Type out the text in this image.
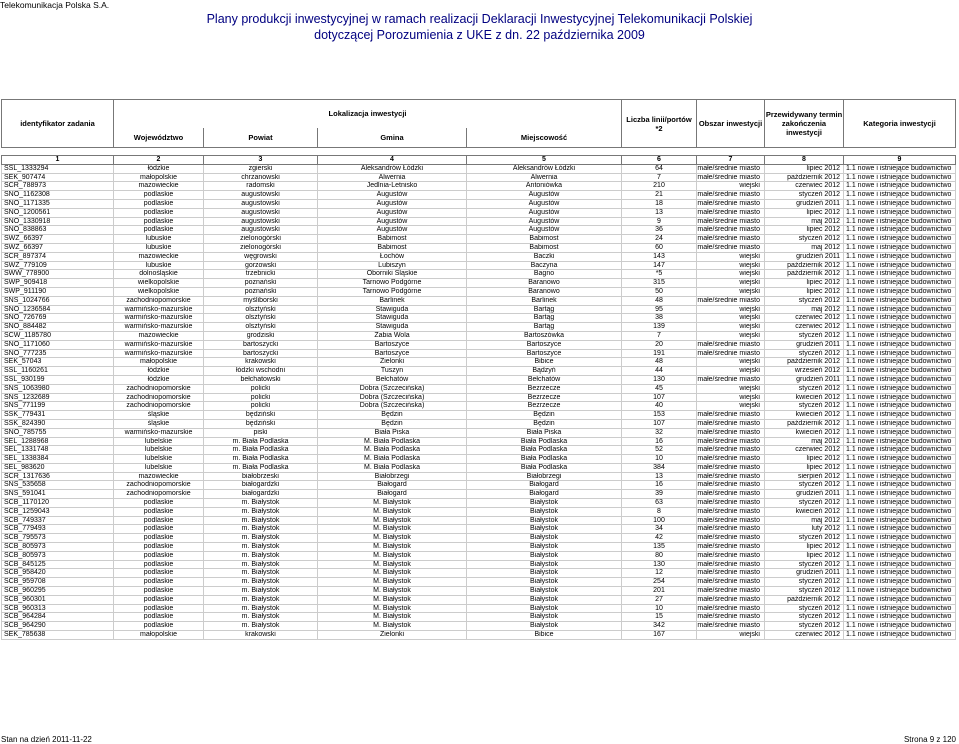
Telekomunikacja Polska S.A.
Plany produkcji inwestycyjnej w ramach realizacji Deklaracji Inwestycyjnej Telekomunikacji Polskiej
dotyczącej Porozumienia z UKE z dn. 22 października 2009
identyfikator zadania	Lokalizacja inwestycji				Liczba linii/portów *2	Obszar inwestycji	Przewidywany termin zakończenia inwestycji	Kategoria inwestycji
	Województwo	Powiat	Gmina	Miejscowość				
1	2	3	4	5	6	7	8	9
SSL_1333294	łódzkie	zgierski	Aleksandrów Łódzki	Aleksandrów Łódzki	64	małe/średnie miasto	lipiec 2012	1.1 nowe i istniejące budownictwo
SEK_907474	małopolskie	chrzanowski	Alwernia	Alwernia	7	małe/średnie miasto	październik 2012	1.1 nowe i istniejące budownictwo
SCR_788973	mazowieckie	radomski	Jedlnia-Letnisko	Antoniówka	210	wiejski	czerwiec 2012	1.1 nowe i istniejące budownictwo
SNO_1162308	podlaskie	augustowski	Augustów	Augustów	21	małe/średnie miasto	styczeń 2012	1.1 nowe i istniejące budownictwo
SNO_1171335	podlaskie	augustowski	Augustów	Augustów	18	małe/średnie miasto	grudzień 2011	1.1 nowe i istniejące budownictwo
SNO_1200561	podlaskie	augustowski	Augustów	Augustów	13	małe/średnie miasto	lipiec 2012	1.1 nowe i istniejące budownictwo
SNO_1330918	podlaskie	augustowski	Augustów	Augustów	9	małe/średnie miasto	maj 2012	1.1 nowe i istniejące budownictwo
SNO_838863	podlaskie	augustowski	Augustów	Augustów	36	małe/średnie miasto	lipiec 2012	1.1 nowe i istniejące budownictwo
SWZ_66397	lubuskie	zielonogórski	Babimost	Babimost	24	małe/średnie miasto	styczeń 2012	1.1 nowe i istniejące budownictwo
SWZ_66397	lubuskie	zielonogórski	Babimost	Babimost	60	małe/średnie miasto	maj 2012	1.1 nowe i istniejące budownictwo
SCR_897374	mazowieckie	węgrowski	Łochów	Baczki	143	wiejski	grudzień 2011	1.1 nowe i istniejące budownictwo
SWZ_779109	lubuskie	gorzowski	Lubiszyn	Baczyna	147	wiejski	październik 2012	1.1 nowe i istniejące budownictwo
SWW_778900	dolnośląskie	trzebnicki	Oborniki Śląskie	Bagno	*5	wiejski	październik 2012	1.1 nowe i istniejące budownictwo
SWP_909418	wielkopolskie	poznański	Tarnowo Podgórne	Baranowo	315	wiejski	lipiec 2012	1.1 nowe i istniejące budownictwo
SWP_911190	wielkopolskie	poznański	Tarnowo Podgórne	Baranowo	50	wiejski	lipiec 2012	1.1 nowe i istniejące budownictwo
SNS_1024766	zachodniopomorskie	myśliborski	Barlinek	Barlinek	48	małe/średnie miasto	styczeń 2012	1.1 nowe i istniejące budownictwo
SNO_1236584	warmińsko-mazurskie	olsztyński	Stawiguda	Bartąg	95	wiejski	maj 2012	1.1 nowe i istniejące budownictwo
SNO_726769	warmińsko-mazurskie	olsztyński	Stawiguda	Bartąg	38	wiejski	czerwiec 2012	1.1 nowe i istniejące budownictwo
SNO_884482	warmińsko-mazurskie	olsztyński	Stawiguda	Bartąg	139	wiejski	czerwiec 2012	1.1 nowe i istniejące budownictwo
SCW_1185780	mazowieckie	grodziski	Żabia Wola	Bartoszówka	7	wiejski	styczeń 2012	1.1 nowe i istniejące budownictwo
SNO_1171060	warmińsko-mazurskie	bartoszycki	Bartoszyce	Bartoszyce	20	małe/średnie miasto	grudzień 2011	1.1 nowe i istniejące budownictwo
SNO_777235	warmińsko-mazurskie	bartoszycki	Bartoszyce	Bartoszyce	191	małe/średnie miasto	styczeń 2012	1.1 nowe i istniejące budownictwo
SEK_57043	małopolskie	krakowski	Zielonki	Bibice	48	wiejski	październik 2012	1.1 nowe i istniejące budownictwo
SSL_1160261	łódzkie	łódzki wschodni	Tuszyn	Bądzyń	44	wiejski	wrzesień 2012	1.1 nowe i istniejące budownictwo
SSL_930199	łódzkie	bełchatowski	Bełchatów	Bełchatów	130	małe/średnie miasto	grudzień 2011	1.1 nowe i istniejące budownictwo
SNS_1063980	zachodniopomorskie	policki	Dobra (Szczecińska)	Bezrzecze	45	wiejski	styczeń 2012	1.1 nowe i istniejące budownictwo
SNS_1232689	zachodniopomorskie	policki	Dobra (Szczecińska)	Bezrzecze	107	wiejski	kwiecień 2012	1.1 nowe i istniejące budownictwo
SNS_771199	zachodniopomorskie	policki	Dobra (Szczecińska)	Bezrzecze	40	wiejski	styczeń 2012	1.1 nowe i istniejące budownictwo
SSK_779431	śląskie	będziński	Będzin	Będzin	153	małe/średnie miasto	kwiecień 2012	1.1 nowe i istniejące budownictwo
SSK_824390	śląskie	będziński	Będzin	Będzin	107	małe/średnie miasto	październik 2012	1.1 nowe i istniejące budownictwo
SNO_785755	warmińsko-mazurskie	piski	Biała Piska	Biała Piska	32	małe/średnie miasto	kwiecień 2012	1.1 nowe i istniejące budownictwo
SEL_1288968	lubelskie	m. Biała Podlaska	M. Biała Podlaska	Biała Podlaska	16	małe/średnie miasto	maj 2012	1.1 nowe i istniejące budownictwo
SEL_1331748	lubelskie	m. Biała Podlaska	M. Biała Podlaska	Biała Podlaska	52	małe/średnie miasto	czerwiec 2012	1.1 nowe i istniejące budownictwo
SEL_1338384	lubelskie	m. Biała Podlaska	M. Biała Podlaska	Biała Podlaska	10	małe/średnie miasto	lipiec 2012	1.1 nowe i istniejące budownictwo
SEL_983620	lubelskie	m. Biała Podlaska	M. Biała Podlaska	Biała Podlaska	384	małe/średnie miasto	lipiec 2012	1.1 nowe i istniejące budownictwo
SCR_1317636	mazowieckie	białobrzeski	Białobrzegi	Białobrzegi	13	małe/średnie miasto	sierpień 2012	1.1 nowe i istniejące budownictwo
SNS_535658	zachodniopomorskie	białogardzki	Białogard	Białogard	16	małe/średnie miasto	styczeń 2012	1.1 nowe i istniejące budownictwo
SNS_591041	zachodniopomorskie	białogardzki	Białogard	Białogard	39	małe/średnie miasto	grudzień 2011	1.1 nowe i istniejące budownictwo
SCB_1170120	podlaskie	m. Białystok	M. Białystok	Białystok	63	małe/średnie miasto	styczeń 2012	1.1 nowe i istniejące budownictwo
SCB_1259043	podlaskie	m. Białystok	M. Białystok	Białystok	8	małe/średnie miasto	kwiecień 2012	1.1 nowe i istniejące budownictwo
SCB_749337	podlaskie	m. Białystok	M. Białystok	Białystok	100	małe/średnie miasto	maj 2012	1.1 nowe i istniejące budownictwo
SCB_779493	podlaskie	m. Białystok	M. Białystok	Białystok	34	małe/średnie miasto	luty 2012	1.1 nowe i istniejące budownictwo
SCB_795573	podlaskie	m. Białystok	M. Białystok	Białystok	42	małe/średnie miasto	styczeń 2012	1.1 nowe i istniejące budownictwo
SCB_805973	podlaskie	m. Białystok	M. Białystok	Białystok	135	małe/średnie miasto	lipiec 2012	1.1 nowe i istniejące budownictwo
SCB_805973	podlaskie	m. Białystok	M. Białystok	Białystok	80	małe/średnie miasto	lipiec 2012	1.1 nowe i istniejące budownictwo
SCB_845125	podlaskie	m. Białystok	M. Białystok	Białystok	130	małe/średnie miasto	styczeń 2012	1.1 nowe i istniejące budownictwo
SCB_958420	podlaskie	m. Białystok	M. Białystok	Białystok	12	małe/średnie miasto	grudzień 2011	1.1 nowe i istniejące budownictwo
SCB_959708	podlaskie	m. Białystok	M. Białystok	Białystok	254	małe/średnie miasto	styczeń 2012	1.1 nowe i istniejące budownictwo
SCB_960295	podlaskie	m. Białystok	M. Białystok	Białystok	201	małe/średnie miasto	styczeń 2012	1.1 nowe i istniejące budownictwo
SCB_960301	podlaskie	m. Białystok	M. Białystok	Białystok	27	małe/średnie miasto	październik 2012	1.1 nowe i istniejące budownictwo
SCB_960313	podlaskie	m. Białystok	M. Białystok	Białystok	10	małe/średnie miasto	styczeń 2012	1.1 nowe i istniejące budownictwo
SCB_964284	podlaskie	m. Białystok	M. Białystok	Białystok	15	małe/średnie miasto	styczeń 2012	1.1 nowe i istniejące budownictwo
SCB_964290	podlaskie	m. Białystok	M. Białystok	Białystok	342	małe/średnie miasto	styczeń 2012	1.1 nowe i istniejące budownictwo
SEK_785638	małopolskie	krakowski	Zielonki	Bibice	167	wiejski	czerwiec 2012	1.1 nowe i istniejące budownictwo
Stan na dzień 2011-11-22	Strona 9 z 120
